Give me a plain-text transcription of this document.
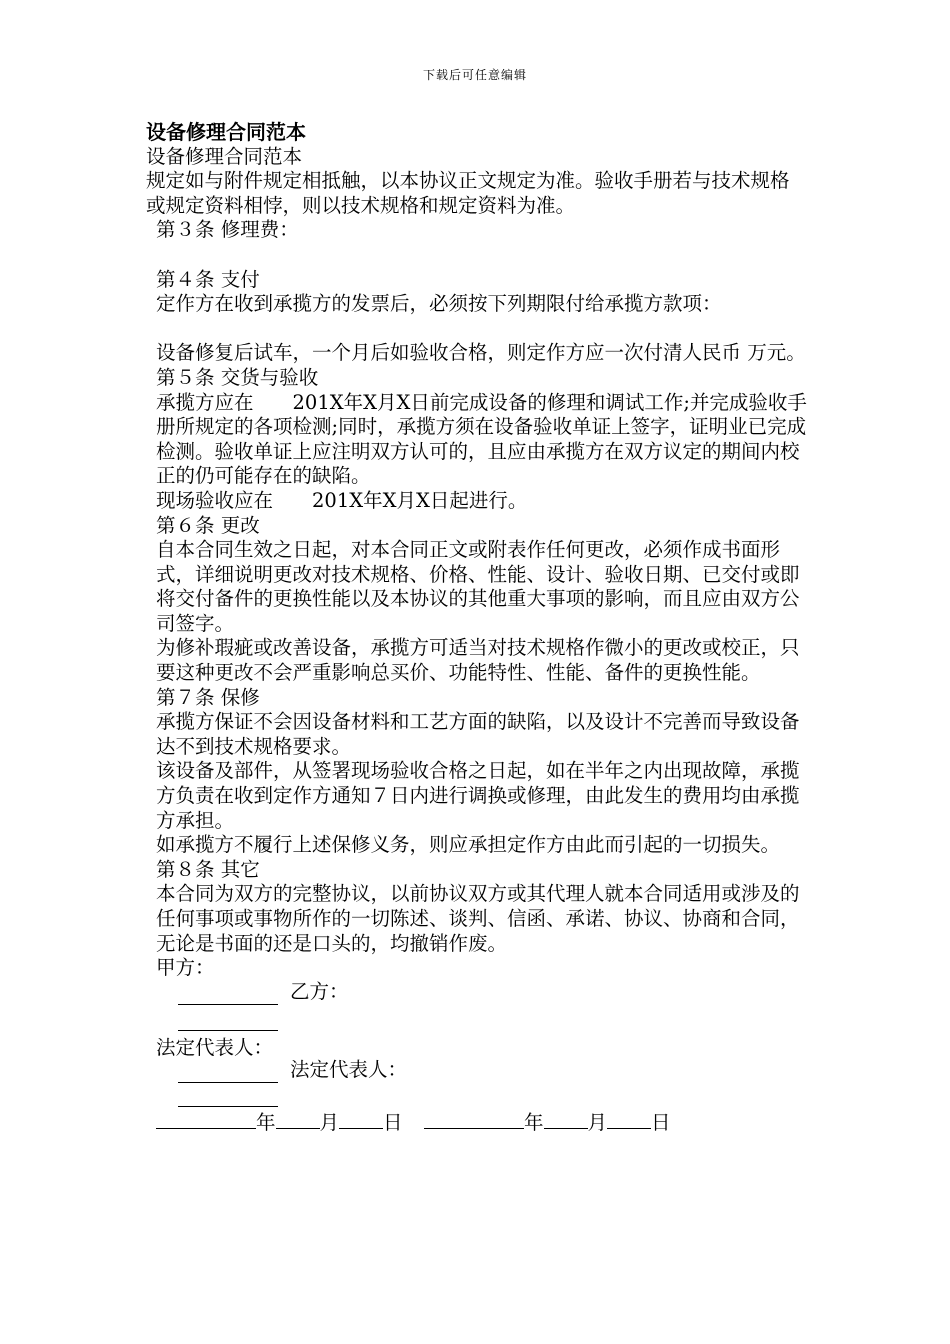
下载后可任意编辑

设备修理合同范本

设备修理合同范本

规定如与附件规定相抵触，以本协议正文规定为准。验收手册若与技术规格或规定资料相悖，则以技术规格和规定资料为准。

第３条 修理费：

第４条 支付

定作方在收到承揽方的发票后，必须按下列期限付给承揽方款项：

设备修复后试车，一个月后如验收合格，则定作方应一次付清人民币 万元。

第５条 交货与验收

承揽方应在　　201X年X月X日前完成设备的修理和调试工作;并完成验收手册所规定的各项检测;同时，承揽方须在设备验收单证上签字，证明业已完成检测。验收单证上应注明双方认可的，且应由承揽方在双方议定的期间内校正的仍可能存在的缺陷。

现场验收应在　　201X年X月X日起进行。

第６条 更改

自本合同生效之日起，对本合同正文或附表作任何更改，必须作成书面形式，详细说明更改对技术规格、价格、性能、设计、验收日期、已交付或即将交付备件的更换性能以及本协议的其他重大事项的影响，而且应由双方公司签字。

为修补瑕疵或改善设备，承揽方可适当对技术规格作微小的更改或校正，只要这种更改不会严重影响总买价、功能特性、性能、备件的更换性能。

第７条 保修

承揽方保证不会因设备材料和工艺方面的缺陷，以及设计不完善而导致设备达不到技术规格要求。

该设备及部件，从签署现场验收合格之日起，如在半年之内出现故障，承揽方负责在收到定作方通知７日内进行调换或修理，由此发生的费用均由承揽方承担。

如承揽方不履行上述保修义务，则应承担定作方由此而引起的一切损失。

第８条 其它

本合同为双方的完整协议，以前协议双方或其代理人就本合同适用或涉及的任何事项或事物所作的一切陈述、谈判、信函、承诺、协议、协商和合同，无论是书面的还是口头的，均撤销作废。

甲方：
乙方：
法定代表人：
法定代表人：
年 月 日	年 月 日
